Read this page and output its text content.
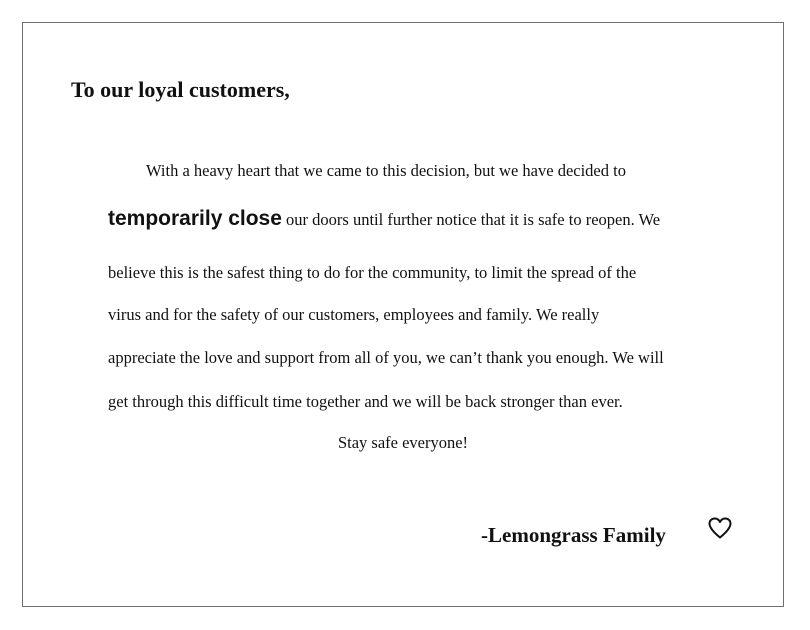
To our loyal customers,

With a heavy heart that we came to this decision, but we have decided to

temporarily close our doors until further notice that it is safe to reopen. We

believe this is the safest thing to do for the community, to limit the spread of the

virus and for the safety of our customers, employees and family. We really

appreciate the love and support from all of you, we can’t thank you enough. We will

get through this difficult time together and we will be back stronger than ever.

Stay safe everyone!

-Lemongrass Family
